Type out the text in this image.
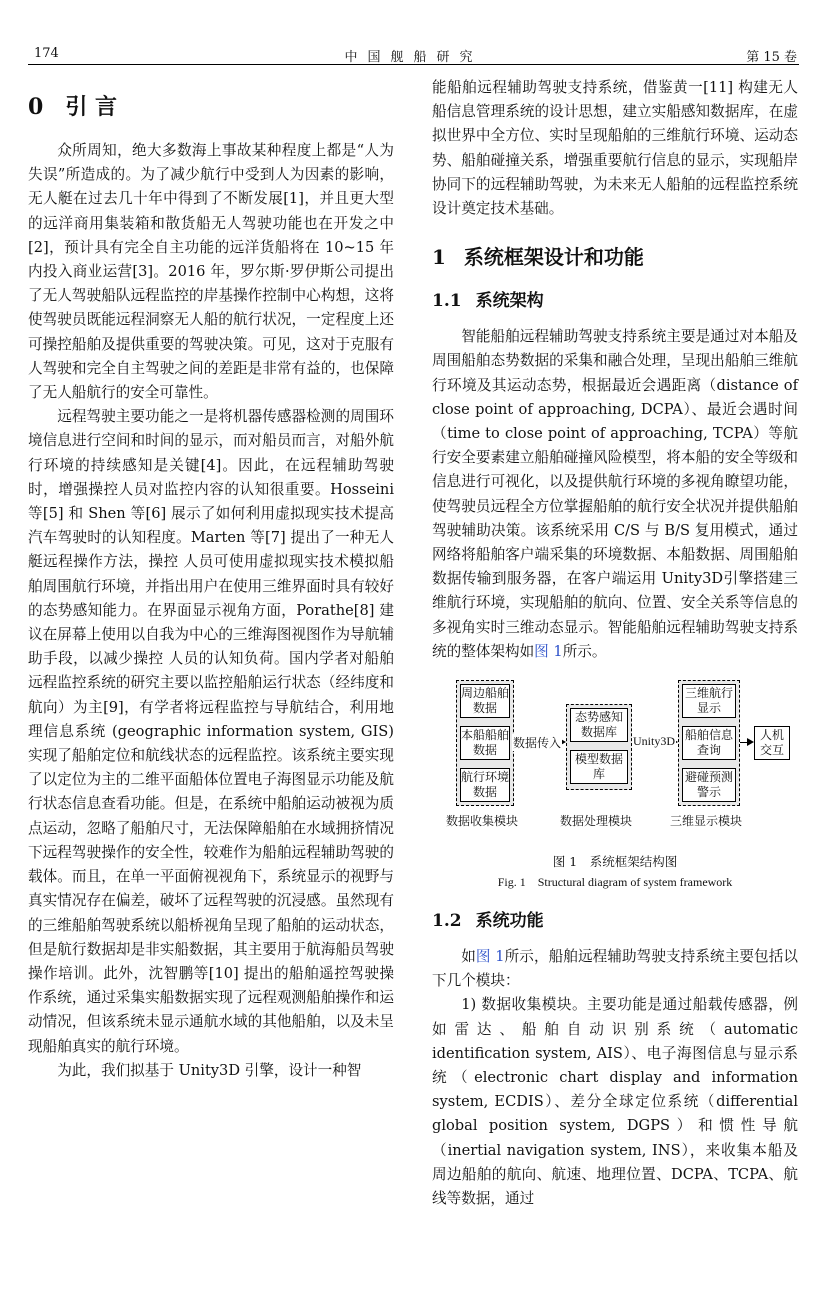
174	中国舰船研究	第 15 卷
0 引 言

众所周知，绝大多数海上事故某种程度上都是“人为失误”所造成的。为了减少航行中受到人为因素的影响，无人艇在过去几十年中得到了不断发展[1]，并且更大型的远洋商用集装箱和散货船无人驾驶功能也在开发之中[2]，预计具有完全自主功能的远洋货船将在 10~15 年内投入商业运营[3]。2016 年，罗尔斯·罗伊斯公司提出了无人驾驶船队远程监控的岸基操作控制中心构想，这将使驾驶员既能远程洞察无人船的航行状况，一定程度上还可操控船舶及提供重要的驾驶决策。可见，这对于克服有人驾驶和完全自主驾驶之间的差距是非常有益的，也保障了无人船航行的安全可靠性。

远程驾驶主要功能之一是将机器传感器检测的周围环境信息进行空间和时间的显示，而对船员而言，对船外航行环境的持续感知是关键[4]。因此，在远程辅助驾驶时，增强操控人员对监控内容的认知很重要。Hosseini 等[5] 和 Shen 等[6] 展示了如何利用虚拟现实技术提高汽车驾驶时的认知程度。Marten 等[7] 提出了一种无人艇远程操作方法，操控 人员可使用虚拟现实技术模拟船舶周围航行环境，并指出用户在使用三维界面时具有较好的态势感知能力。在界面显示视角方面，Porathe[8] 建议在屏幕上使用以自我为中心的三维海图视图作为导航辅助手段，以减少操控 人员的认知负荷。国内学者对船舶远程监控系统的研究主要以监控船舶运行状态（经纬度和航向）为主[9]，有学者将远程监控与导航结合，利用地理信息系统 (geographic information system, GIS) 实现了船舶定位和航线状态的远程监控。该系统主要实现了以定位为主的二维平面船体位置电子海图显示功能及航行状态信息查看功能。但是，在系统中船舶运动被视为质点运动，忽略了船舶尺寸，无法保障船舶在水域拥挤情况下远程驾驶操作的安全性，较难作为船舶远程辅助驾驶的载体。而且，在单一平面俯视视角下，系统显示的视野与真实情况存在偏差，破坏了远程驾驶的沉浸感。虽然现有的三维船舶驾驶系统以船桥视角呈现了船舶的运动状态，但是航行数据却是非实船数据，其主要用于航海船员驾驶操作培训。此外，沈智鹏等[10] 提出的船舶遥控驾驶操作系统，通过采集实船数据实现了远程观测船舶操作和运动情况，但该系统未显示通航水域的其他船舶，以及未呈现船舶真实的航行环境。

为此，我们拟基于 Unity3D 引擎，设计一种智

能船舶远程辅助驾驶支持系统，借鉴黄一[11] 构建无人船信息管理系统的设计思想，建立实船感知数据库，在虚拟世界中全方位、实时呈现船舶的三维航行环境、运动态势、船舶碰撞关系，增强重要航行信息的显示，实现船岸协同下的远程辅助驾驶，为未来无人船舶的远程监控系统设计奠定技术基础。

1 系统框架设计和功能
1.1 系统架构

智能船舶远程辅助驾驶支持系统主要是通过对本船及周围船舶态势数据的采集和融合处理，呈现出船舶三维航行环境及其运动态势，根据最近会遇距离（distance of close point of approaching, DCPA）、最近会遇时间（time to close point of approaching, TCPA）等航行安全要素建立船舶碰撞风险模型，将本船的安全等级和信息进行可视化，以及提供航行环境的多视角瞭望功能，使驾驶员远程全方位掌握船舶的航行安全状况并提供船舶驾驶辅助决策。该系统采用 C/S 与 B/S 复用模式，通过网络将船舶客户端采集的环境数据、本船数据、周围船舶数据传输到服务器，在客户端运用 Unity3D引擎搭建三维航行环境，实现船舶的航向、位置、安全关系等信息的多视角实时三维动态显示。智能船舶远程辅助驾驶支持系统的整体架构如图 1所示。

周边船舶数据
本船船舶数据
航行环境数据
数据传入
态势感知数据库
模型数据库
Unity3D
三维航行显示
船舶信息查询
避碰预测警示
人机交互
数据收集模块	数据处理模块	三维显示模块

图 1　系统框架结构图

Fig. 1　Structural diagram of system framework

1.2 系统功能

如图 1所示，船舶远程辅助驾驶支持系统主要包括以下几个模块：

1) 数据收集模块。主要功能是通过船载传感器，例如雷达、船舶自动识别系统（automatic identification system, AIS）、电子海图信息与显示系统（electronic chart display and information system, ECDIS）、差分全球定位系统（differential global position system, DGPS）和惯性导航（inertial navigation system, INS），来收集本船及周边船舶的航向、航速、地理位置、DCPA、TCPA、航线等数据，通过
